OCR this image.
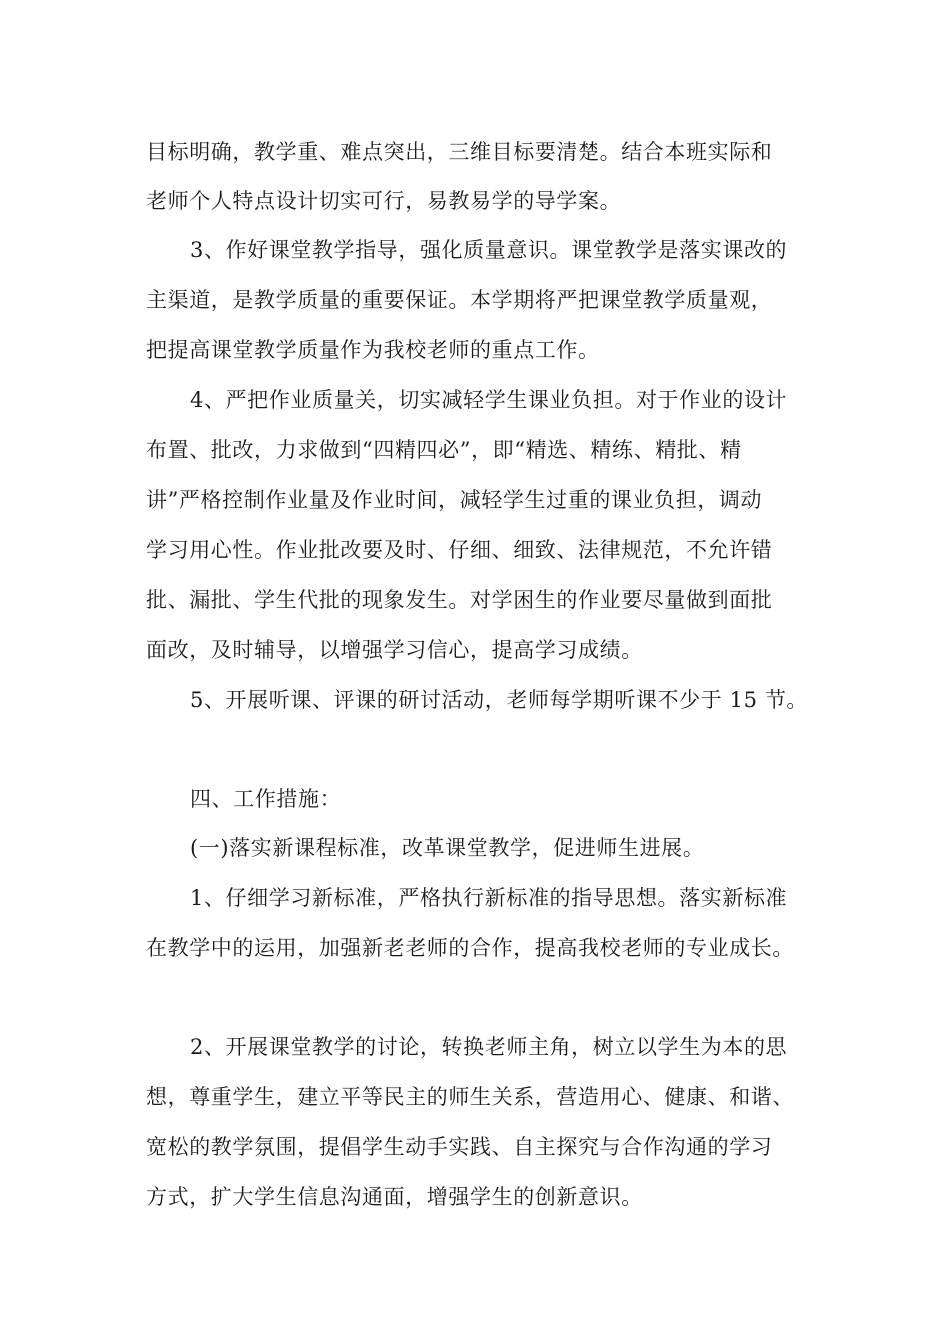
目标明确，教学重、难点突出，三维目标要清楚。结合本班实际和
老师个人特点设计切实可行，易教易学的导学案。
3、作好课堂教学指导，强化质量意识。课堂教学是落实课改的
主渠道，是教学质量的重要保证。本学期将严把课堂教学质量观，
把提高课堂教学质量作为我校老师的重点工作。
4、严把作业质量关，切实减轻学生课业负担。对于作业的设计
布置、批改，力求做到“四精四必”，即“精选、精练、精批、精
讲”严格控制作业量及作业时间，减轻学生过重的课业负担，调动
学习用心性。作业批改要及时、仔细、细致、法律规范，不允许错
批、漏批、学生代批的现象发生。对学困生的作业要尽量做到面批
面改，及时辅导，以增强学习信心，提高学习成绩。
5、开展听课、评课的研讨活动，老师每学期听课不少于 15 节。
四、工作措施：
(一)落实新课程标准，改革课堂教学，促进师生进展。
1、仔细学习新标准，严格执行新标准的指导思想。落实新标准
在教学中的运用，加强新老老师的合作，提高我校老师的专业成长。
2、开展课堂教学的讨论，转换老师主角，树立以学生为本的思
想，尊重学生，建立平等民主的师生关系，营造用心、健康、和谐、
宽松的教学氛围，提倡学生动手实践、自主探究与合作沟通的学习
方式，扩大学生信息沟通面，增强学生的创新意识。
